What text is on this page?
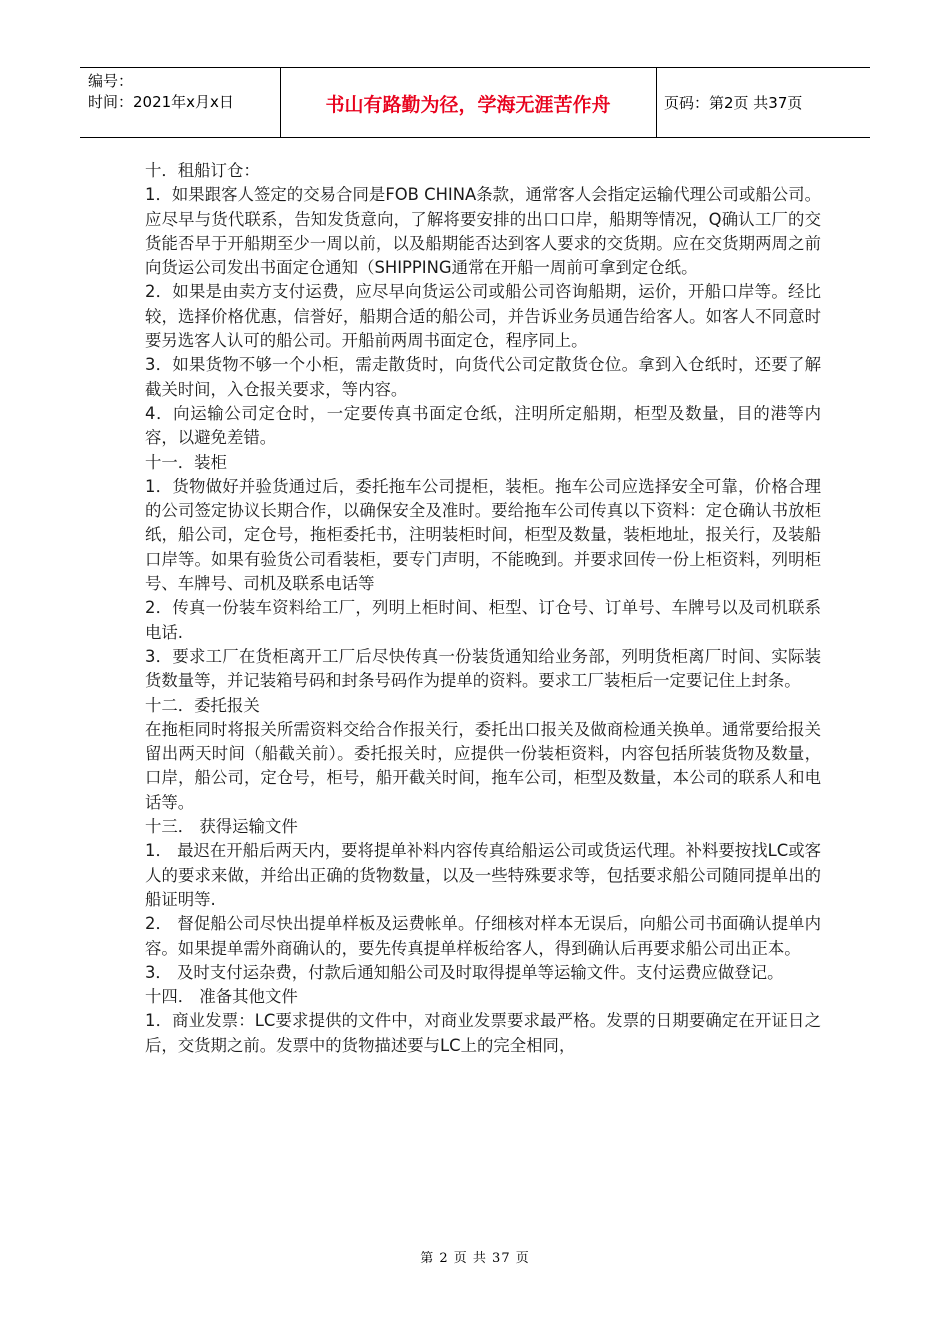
编号：
时间：2021年x月x日	书山有路勤为径，学海无涯苦作舟	页码：第2页 共37页

十．租船订仓：

1．如果跟客人签定的交易合同是FOB CHINA条款，通常客人会指定运输代理公司或船公司。应尽早与货代联系，告知发货意向，了解将要安排的出口口岸，船期等情况，Q确认工厂的交货能否早于开船期至少一周以前，以及船期能否达到客人要求的交货期。应在交货期两周之前向货运公司发出书面定仓通知（SHIPPING通常在开船一周前可拿到定仓纸。

2．如果是由卖方支付运费，应尽早向货运公司或船公司咨询船期，运价，开船口岸等。经比较，选择价格优惠，信誉好，船期合适的船公司，并告诉业务员通告给客人。如客人不同意时要另选客人认可的船公司。开船前两周书面定仓，程序同上。

3．如果货物不够一个小柜，需走散货时，向货代公司定散货仓位。拿到入仓纸时，还要了解截关时间，入仓报关要求，等内容。

4．向运输公司定仓时，一定要传真书面定仓纸，注明所定船期，柜型及数量，目的港等内容，以避免差错。

十一．装柜

1．货物做好并验货通过后，委托拖车公司提柜，装柜。拖车公司应选择安全可靠，价格合理的公司签定协议长期合作，以确保安全及准时。要给拖车公司传真以下资料：定仓确认书放柜纸，船公司，定仓号，拖柜委托书，注明装柜时间，柜型及数量，装柜地址，报关行，及装船口岸等。如果有验货公司看装柜，要专门声明，不能晚到。并要求回传一份上柜资料，列明柜号、车牌号、司机及联系电话等

2．传真一份装车资料给工厂，列明上柜时间、柜型、订仓号、订单号、车牌号以及司机联系电话.

3．要求工厂在货柜离开工厂后尽快传真一份装货通知给业务部，列明货柜离厂时间、实际装货数量等，并记装箱号码和封条号码作为提单的资料。要求工厂装柜后一定要记住上封条。

十二．委托报关

在拖柜同时将报关所需资料交给合作报关行，委托出口报关及做商检通关换单。通常要给报关留出两天时间（船截关前）。委托报关时，应提供一份装柜资料，内容包括所装货物及数量，口岸，船公司，定仓号，柜号，船开截关时间，拖车公司，柜型及数量，本公司的联系人和电话等。

十三． 获得运输文件

1． 最迟在开船后两天内，要将提单补料内容传真给船运公司或货运代理。补料要按找LC或客人的要求来做，并给出正确的货物数量，以及一些特殊要求等，包括要求船公司随同提单出的船证明等.

2． 督促船公司尽快出提单样板及运费帐单。仔细核对样本无误后，向船公司书面确认提单内容。如果提单需外商确认的，要先传真提单样板给客人，得到确认后再要求船公司出正本。

3． 及时支付运杂费，付款后通知船公司及时取得提单等运输文件。支付运费应做登记。

十四． 准备其他文件

1．商业发票：LC要求提供的文件中，对商业发票要求最严格。发票的日期要确定在开证日之后，交货期之前。发票中的货物描述要与LC上的完全相同，

第 2 页 共 37 页
